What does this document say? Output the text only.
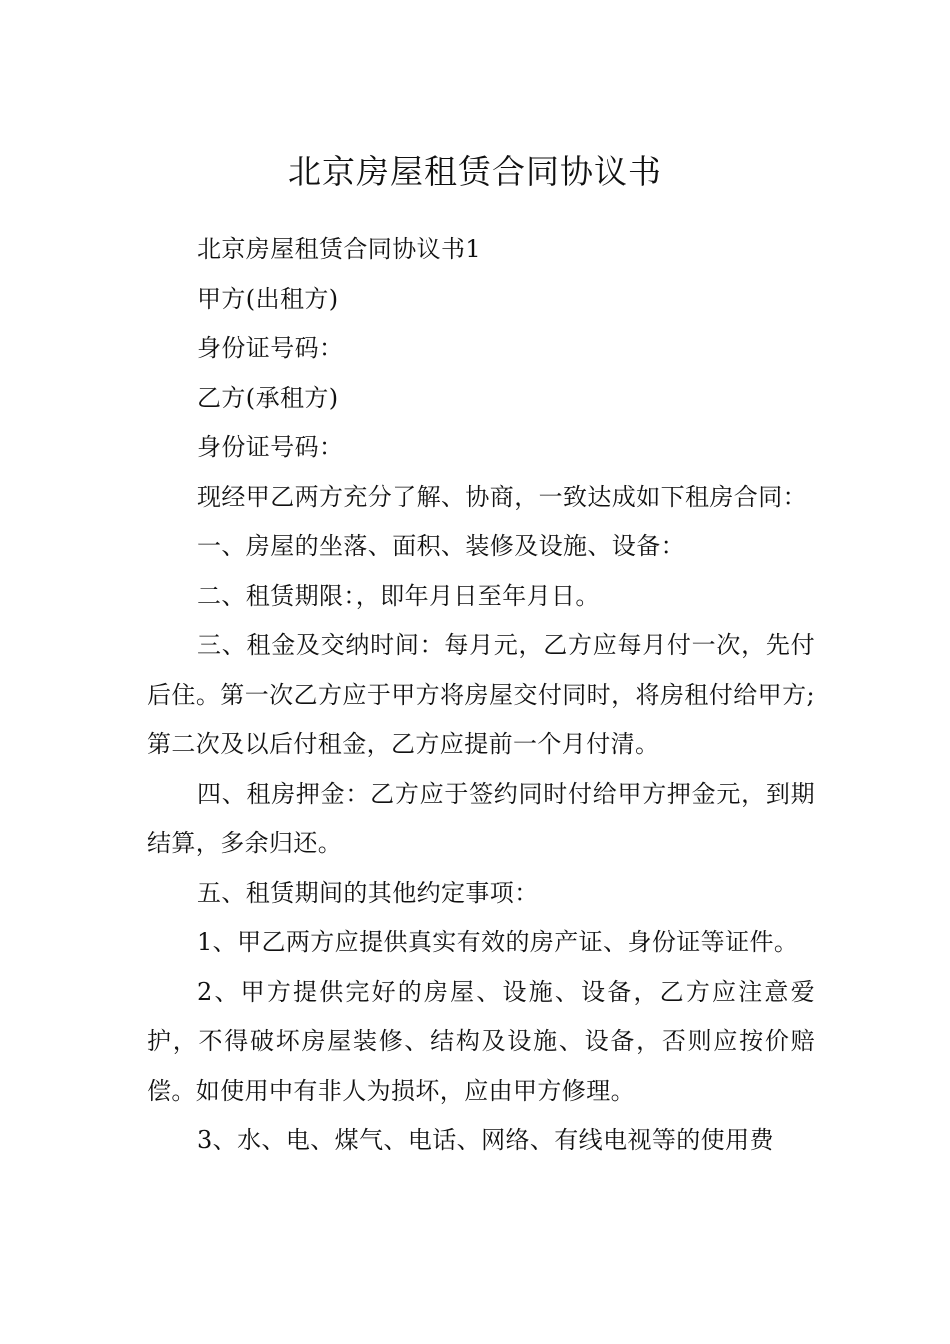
北京房屋租赁合同协议书

北京房屋租赁合同协议书1

甲方(出租方)

身份证号码：

乙方(承租方)

身份证号码：

现经甲乙两方充分了解、协商，一致达成如下租房合同：

一、房屋的坐落、面积、装修及设施、设备：

二、租赁期限：，即年月日至年月日。

三、租金及交纳时间：每月元，乙方应每月付一次，先付后住。第一次乙方应于甲方将房屋交付同时，将房租付给甲方;第二次及以后付租金，乙方应提前一个月付清。

四、租房押金：乙方应于签约同时付给甲方押金元，到期结算，多余归还。

五、租赁期间的其他约定事项：

1、甲乙两方应提供真实有效的房产证、身份证等证件。

2、甲方提供完好的房屋、设施、设备，乙方应注意爱护，不得破坏房屋装修、结构及设施、设备，否则应按价赔偿。如使用中有非人为损坏，应由甲方修理。

3、水、电、煤气、电话、网络、有线电视等的使用费
